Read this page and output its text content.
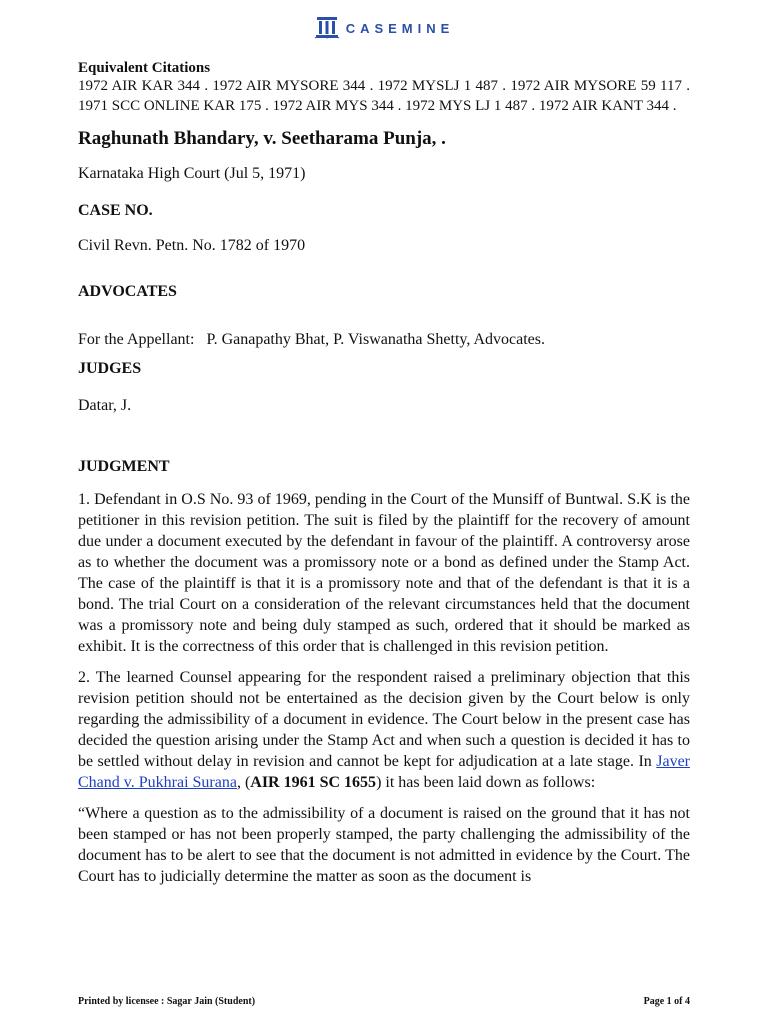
CASEMINE
Equivalent Citations
1972 AIR KAR 344 . 1972 AIR MYSORE 344 . 1972 MYSLJ 1 487 . 1972 AIR MYSORE 59 117 . 1971 SCC ONLINE KAR 175 . 1972 AIR MYS 344 . 1972 MYS LJ 1 487 . 1972 AIR KANT 344 .
Raghunath Bhandary, v. Seetharama Punja, .
Karnataka High Court (Jul 5, 1971)
CASE NO.
Civil Revn. Petn. No. 1782 of 1970
ADVOCATES
For the Appellant: P. Ganapathy Bhat, P. Viswanatha Shetty, Advocates.
JUDGES
Datar, J.
JUDGMENT

1. Defendant in O.S No. 93 of 1969, pending in the Court of the Munsiff of Buntwal. S.K is the petitioner in this revision petition. The suit is filed by the plaintiff for the recovery of amount due under a document executed by the defendant in favour of the plaintiff. A controversy arose as to whether the document was a promissory note or a bond as defined under the Stamp Act. The case of the plaintiff is that it is a promissory note and that of the defendant is that it is a bond. The trial Court on a consideration of the relevant circumstances held that the document was a promissory note and being duly stamped as such, ordered that it should be marked as exhibit. It is the correctness of this order that is challenged in this revision petition.

2. The learned Counsel appearing for the respondent raised a preliminary objection that this revision petition should not be entertained as the decision given by the Court below is only regarding the admissibility of a document in evidence. The Court below in the present case has decided the question arising under the Stamp Act and when such a question is decided it has to be settled without delay in revision and cannot be kept for adjudication at a late stage. In Javer Chand v. Pukhrai Surana, (AIR 1961 SC 1655) it has been laid down as follows:

“Where a question as to the admissibility of a document is raised on the ground that it has not been stamped or has not been properly stamped, the party challenging the admissibility of the document has to be alert to see that the document is not admitted in evidence by the Court. The Court has to judicially determine the matter as soon as the document is

Printed by licensee : Sagar Jain (Student)	Page 1 of 4
